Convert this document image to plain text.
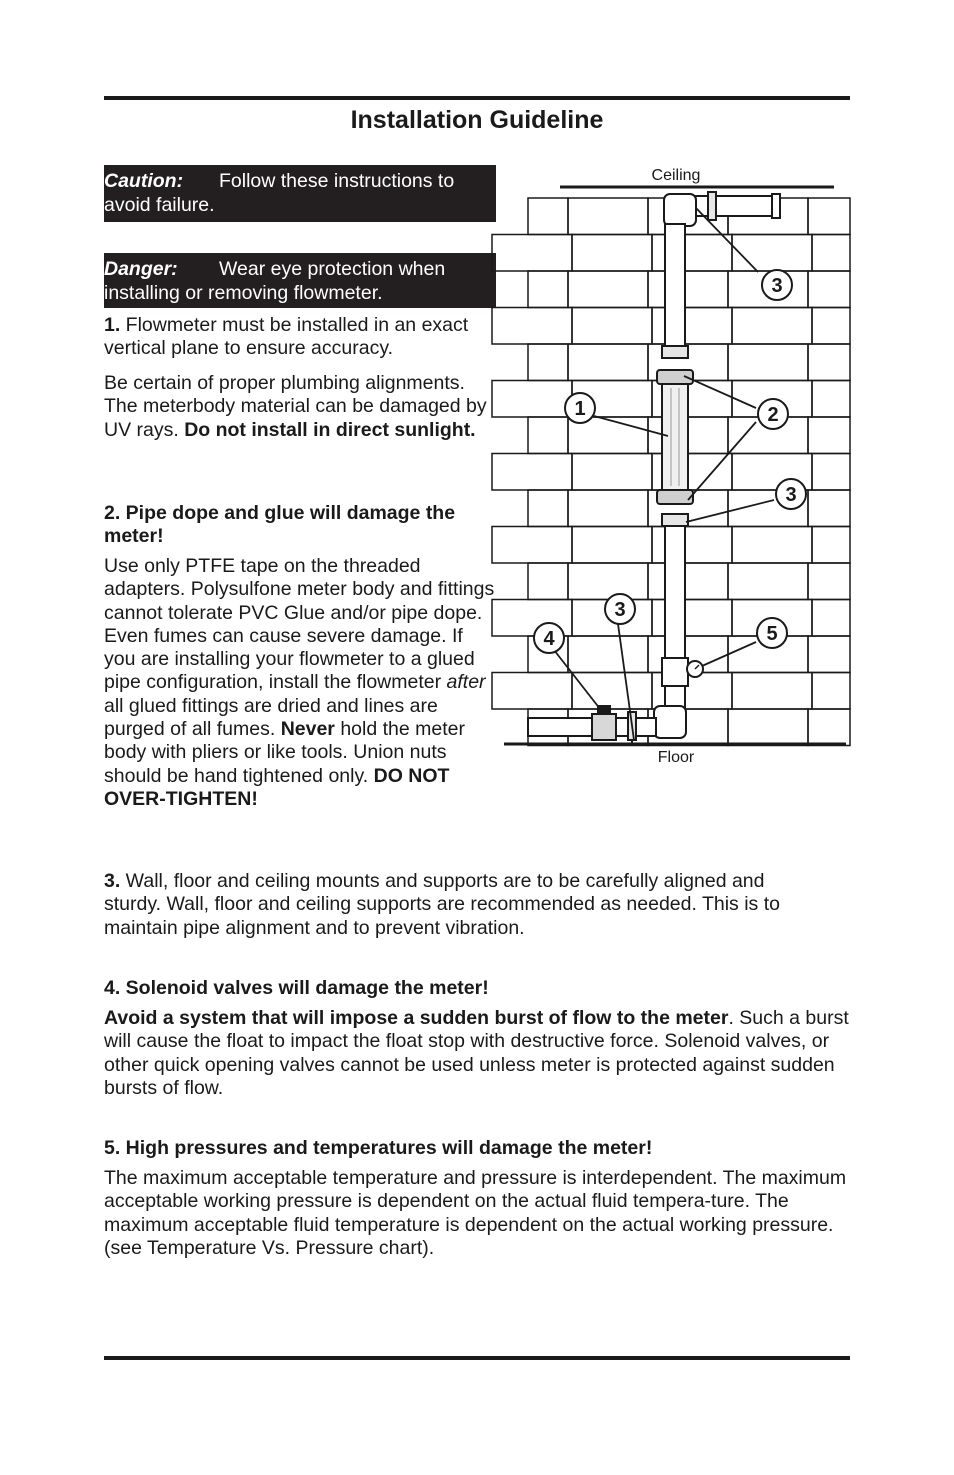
Installation Guideline
Caution: Follow these instructions to
avoid failure.
Danger: Wear eye protection when
installing or removing flowmeter.

1. Flowmeter must be installed in an exact vertical plane to ensure accuracy.

Be certain of proper plumbing alignments. The meterbody material can be damaged by UV rays. Do not install in direct sunlight.

2. Pipe dope and glue will damage the meter!

Use only PTFE tape on the threaded adapters. Polysulfone meter body and fittings cannot tolerate PVC Glue and/or pipe dope. Even fumes can cause severe damage. If you are installing your flowmeter to a glued pipe configuration, install the flowmeter after all glued fittings are dried and lines are purged of all fumes. Never hold the meter body with pliers or like tools. Union nuts should be hand tightened only. DO NOT OVER-TIGHTEN!

3. Wall, floor and ceiling mounts and supports are to be carefully aligned and sturdy. Wall, floor and ceiling supports are recommended as needed. This is to maintain pipe alignment and to prevent vibration.

4. Solenoid valves will damage the meter!

Avoid a system that will impose a sudden burst of flow to the meter. Such a burst will cause the float to impact the float stop with destructive force. Solenoid valves, or other quick opening valves cannot be used unless meter is protected against sudden bursts of flow.

5. High pressures and temperatures will damage the meter!

The maximum acceptable temperature and pressure is interdependent. The maximum acceptable working pressure is dependent on the actual fluid tempera-ture. The maximum acceptable fluid temperature is dependent on the actual working pressure. (see Temperature Vs. Pressure chart).

Ceiling
Floor
3
1	2
3
3
4	5
